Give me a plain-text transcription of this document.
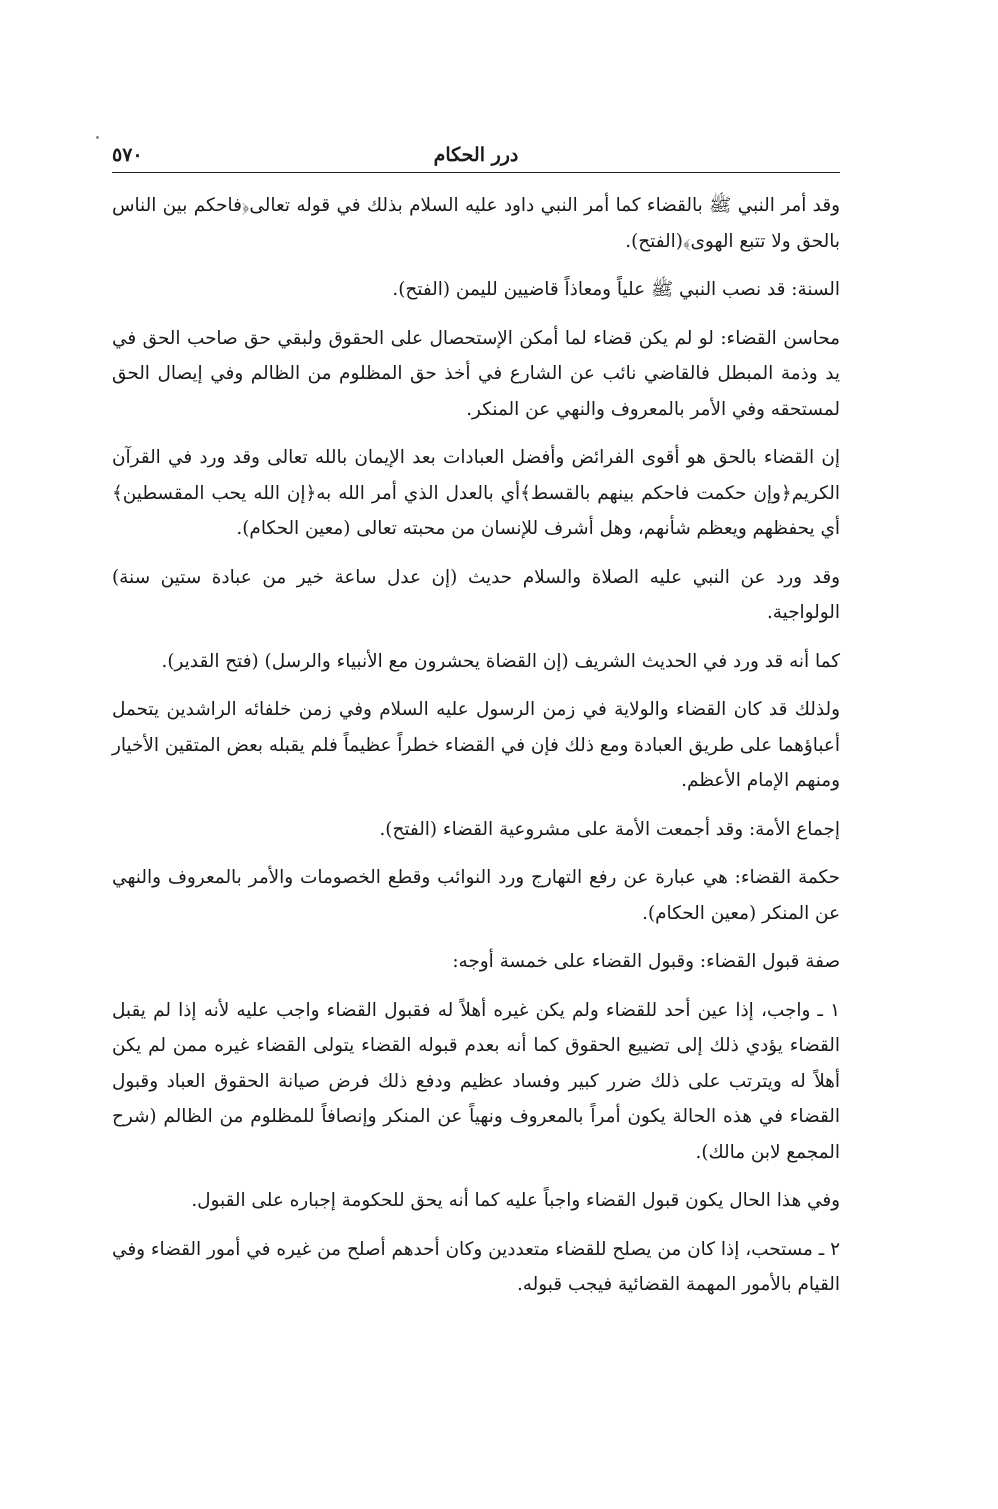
درر الحكام
٥٧٠

وقد أمر النبي ﷺ بالقضاء كما أمر النبي داود عليه السلام بذلك في قوله تعالى﴿فاحكم بين الناس بالحق ولا تتبع الهوى﴾(الفتح).

السنة: قد نصب النبي ﷺ علياً ومعاذاً قاضيين لليمن (الفتح).

محاسن القضاء: لو لم يكن قضاء لما أمكن الإستحصال على الحقوق ولبقي حق صاحب الحق في يد وذمة المبطل فالقاضي نائب عن الشارع في أخذ حق المظلوم من الظالم وفي إيصال الحق لمستحقه وفي الأمر بالمعروف والنهي عن المنكر.

إن القضاء بالحق هو أقوى الفرائض وأفضل العبادات بعد الإيمان بالله تعالى وقد ورد في القرآن الكريم﴿وإن حكمت فاحكم بينهم بالقسط﴾أي بالعدل الذي أمر الله به﴿إن الله يحب المقسطين﴾أي يحفظهم ويعظم شأنهم، وهل أشرف للإنسان من محبته تعالى (معين الحكام).

وقد ورد عن النبي عليه الصلاة والسلام حديث (إن عدل ساعة خير من عبادة ستين سنة) الولواجية.

كما أنه قد ورد في الحديث الشريف (إن القضاة يحشرون مع الأنبياء والرسل) (فتح القدير).

ولذلك قد كان القضاء والولاية في زمن الرسول عليه السلام وفي زمن خلفائه الراشدين يتحمل أعباؤهما على طريق العبادة ومع ذلك فإن في القضاء خطراً عظيماً فلم يقبله بعض المتقين الأخيار ومنهم الإمام الأعظم.

إجماع الأمة: وقد أجمعت الأمة على مشروعية القضاء (الفتح).

حكمة القضاء: هي عبارة عن رفع التهارج ورد النوائب وقطع الخصومات والأمر بالمعروف والنهي عن المنكر (معين الحكام).

صفة قبول القضاء: وقبول القضاء على خمسة أوجه:

١ ـ واجب، إذا عين أحد للقضاء ولم يكن غيره أهلاً له فقبول القضاء واجب عليه لأنه إذا لم يقبل القضاء يؤدي ذلك إلى تضييع الحقوق كما أنه بعدم قبوله القضاء يتولى القضاء غيره ممن لم يكن أهلاً له ويترتب على ذلك ضرر كبير وفساد عظيم ودفع ذلك فرض صيانة الحقوق العباد وقبول القضاء في هذه الحالة يكون أمراً بالمعروف ونهياً عن المنكر وإنصافاً للمظلوم من الظالم (شرح المجمع لابن مالك).

وفي هذا الحال يكون قبول القضاء واجباً عليه كما أنه يحق للحكومة إجباره على القبول.

٢ ـ مستحب، إذا كان من يصلح للقضاء متعددين وكان أحدهم أصلح من غيره في أمور القضاء وفي القيام بالأمور المهمة القضائية فيجب قبوله.
